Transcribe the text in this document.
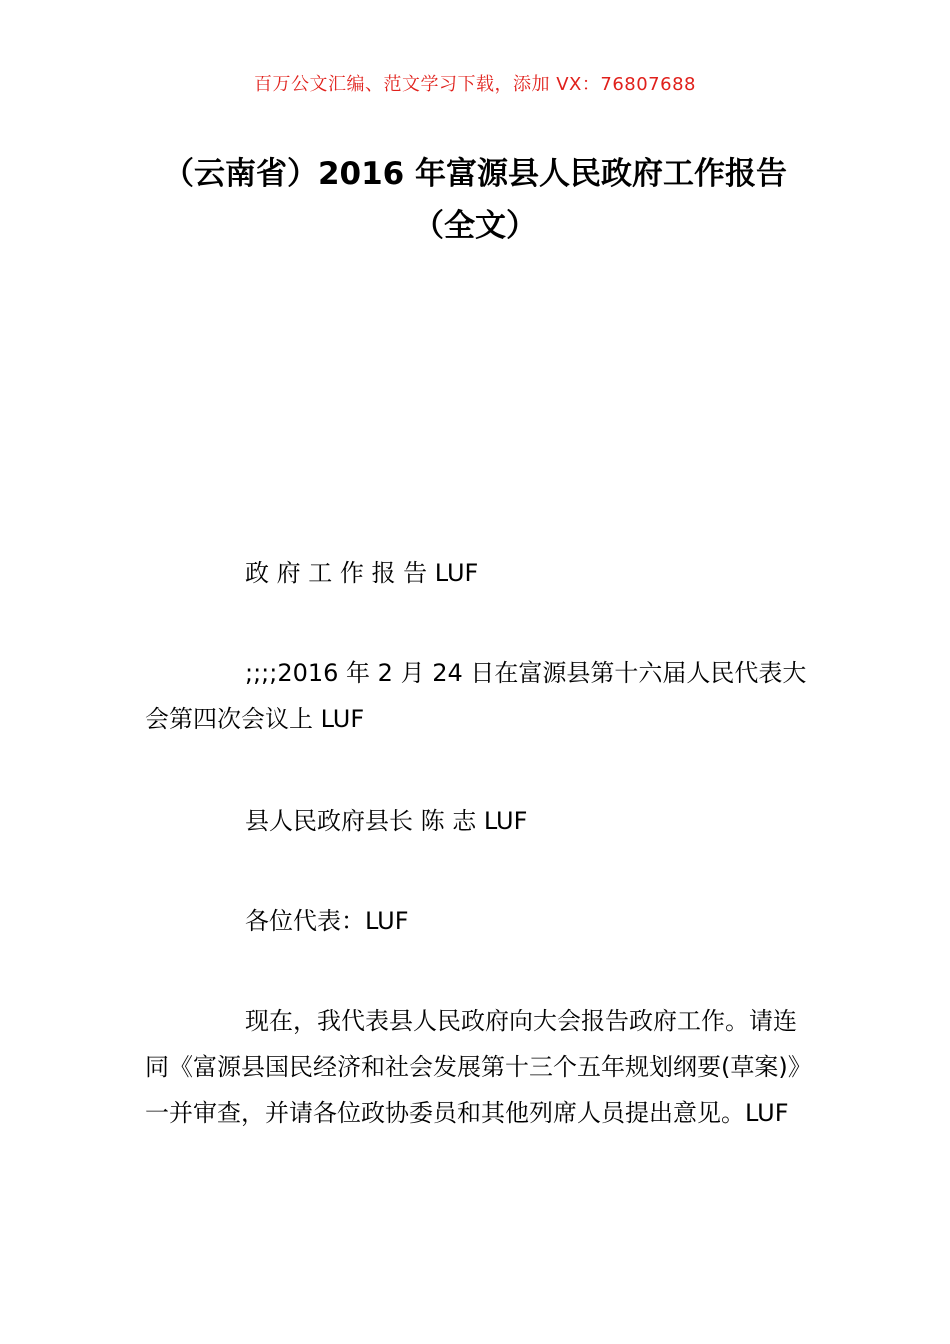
百万公文汇编、范文学习下载，添加 VX：76807688
（云南省）2016 年富源县人民政府工作报告（全文）
政 府 工 作 报 告 LUF
;;;;2016 年 2 月 24 日在富源县第十六届人民代表大会第四次会议上 LUF
县人民政府县长 陈 志 LUF
各位代表：LUF
现在，我代表县人民政府向大会报告政府工作。请连同《富源县国民经济和社会发展第十三个五年规划纲要(草案)》一并审查，并请各位政协委员和其他列席人员提出意见。LUF
